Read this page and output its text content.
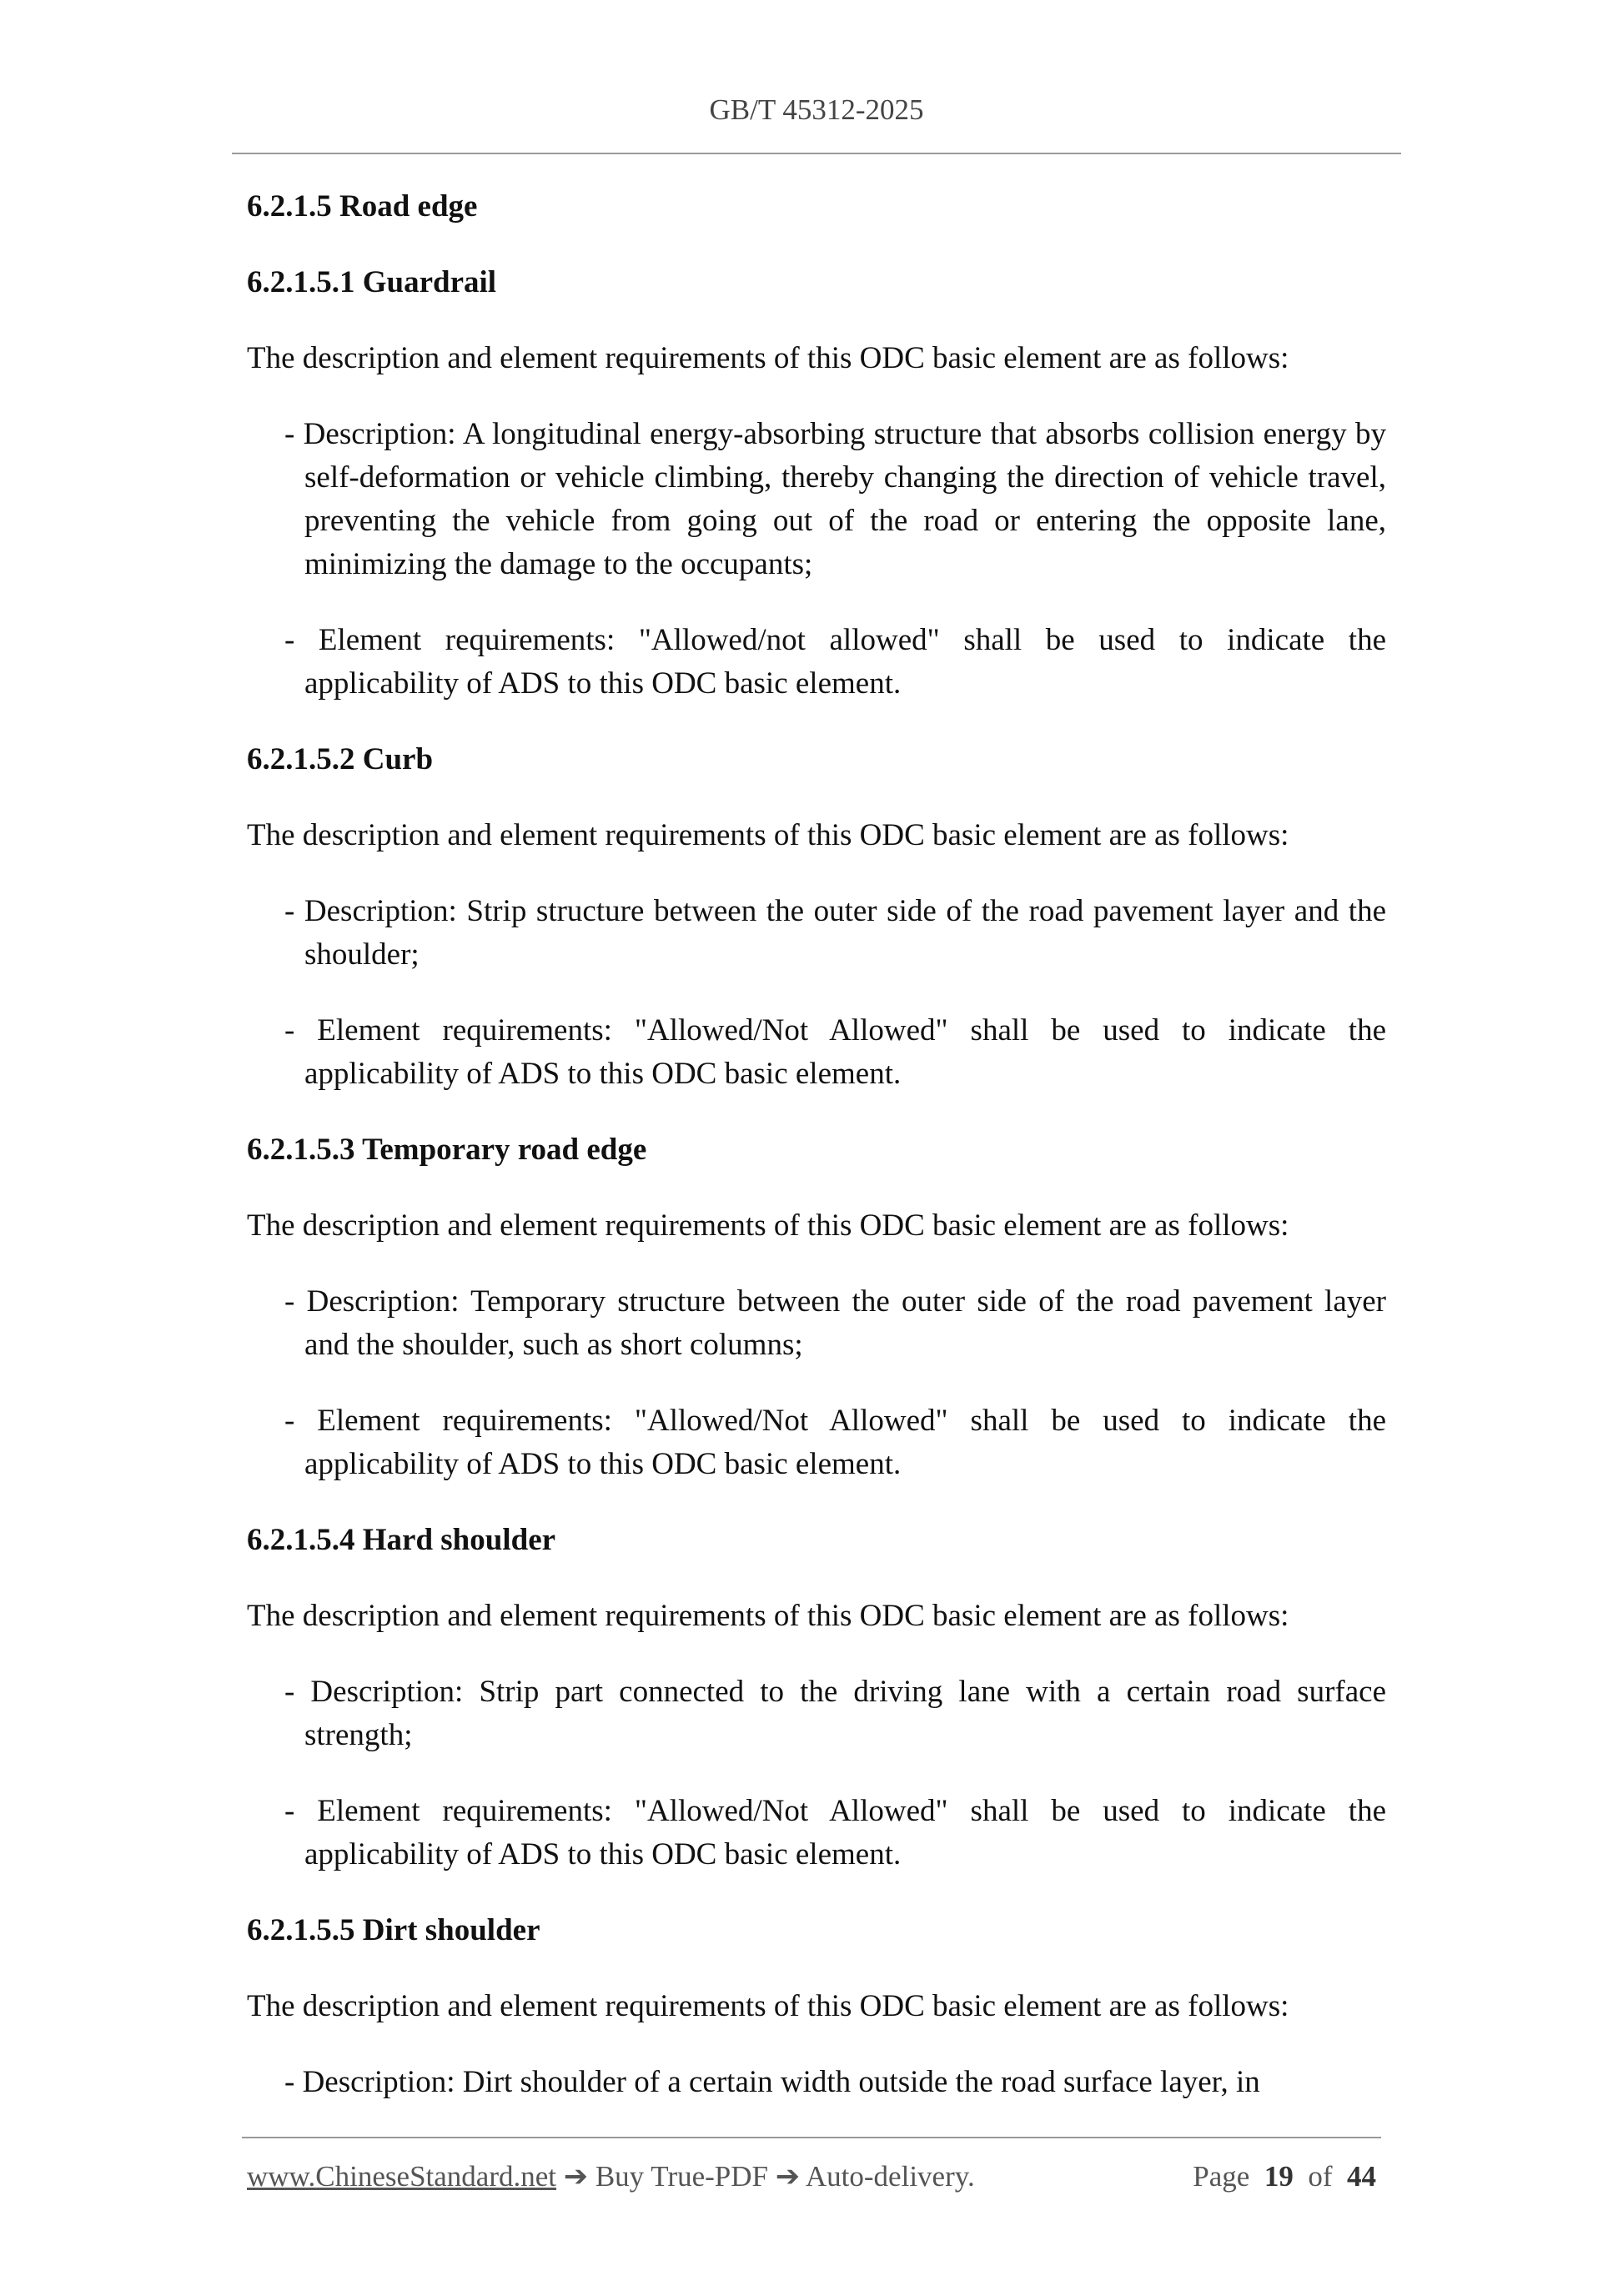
GB/T 45312-2025
6.2.1.5 Road edge
6.2.1.5.1 Guardrail
The description and element requirements of this ODC basic element are as follows:
- Description: A longitudinal energy-absorbing structure that absorbs collision energy by self-deformation or vehicle climbing, thereby changing the direction of vehicle travel, preventing the vehicle from going out of the road or entering the opposite lane, minimizing the damage to the occupants;
- Element requirements: "Allowed/not allowed" shall be used to indicate the applicability of ADS to this ODC basic element.
6.2.1.5.2 Curb
The description and element requirements of this ODC basic element are as follows:
- Description: Strip structure between the outer side of the road pavement layer and the shoulder;
- Element requirements: "Allowed/Not Allowed" shall be used to indicate the applicability of ADS to this ODC basic element.
6.2.1.5.3 Temporary road edge
The description and element requirements of this ODC basic element are as follows:
- Description: Temporary structure between the outer side of the road pavement layer and the shoulder, such as short columns;
- Element requirements: "Allowed/Not Allowed" shall be used to indicate the applicability of ADS to this ODC basic element.
6.2.1.5.4 Hard shoulder
The description and element requirements of this ODC basic element are as follows:
- Description: Strip part connected to the driving lane with a certain road surface strength;
- Element requirements: "Allowed/Not Allowed" shall be used to indicate the applicability of ADS to this ODC basic element.
6.2.1.5.5 Dirt shoulder
The description and element requirements of this ODC basic element are as follows:
- Description: Dirt shoulder of a certain width outside the road surface layer, in
www.ChineseStandard.net ➔ Buy True-PDF ➔ Auto-delivery.	Page 19 of 44
